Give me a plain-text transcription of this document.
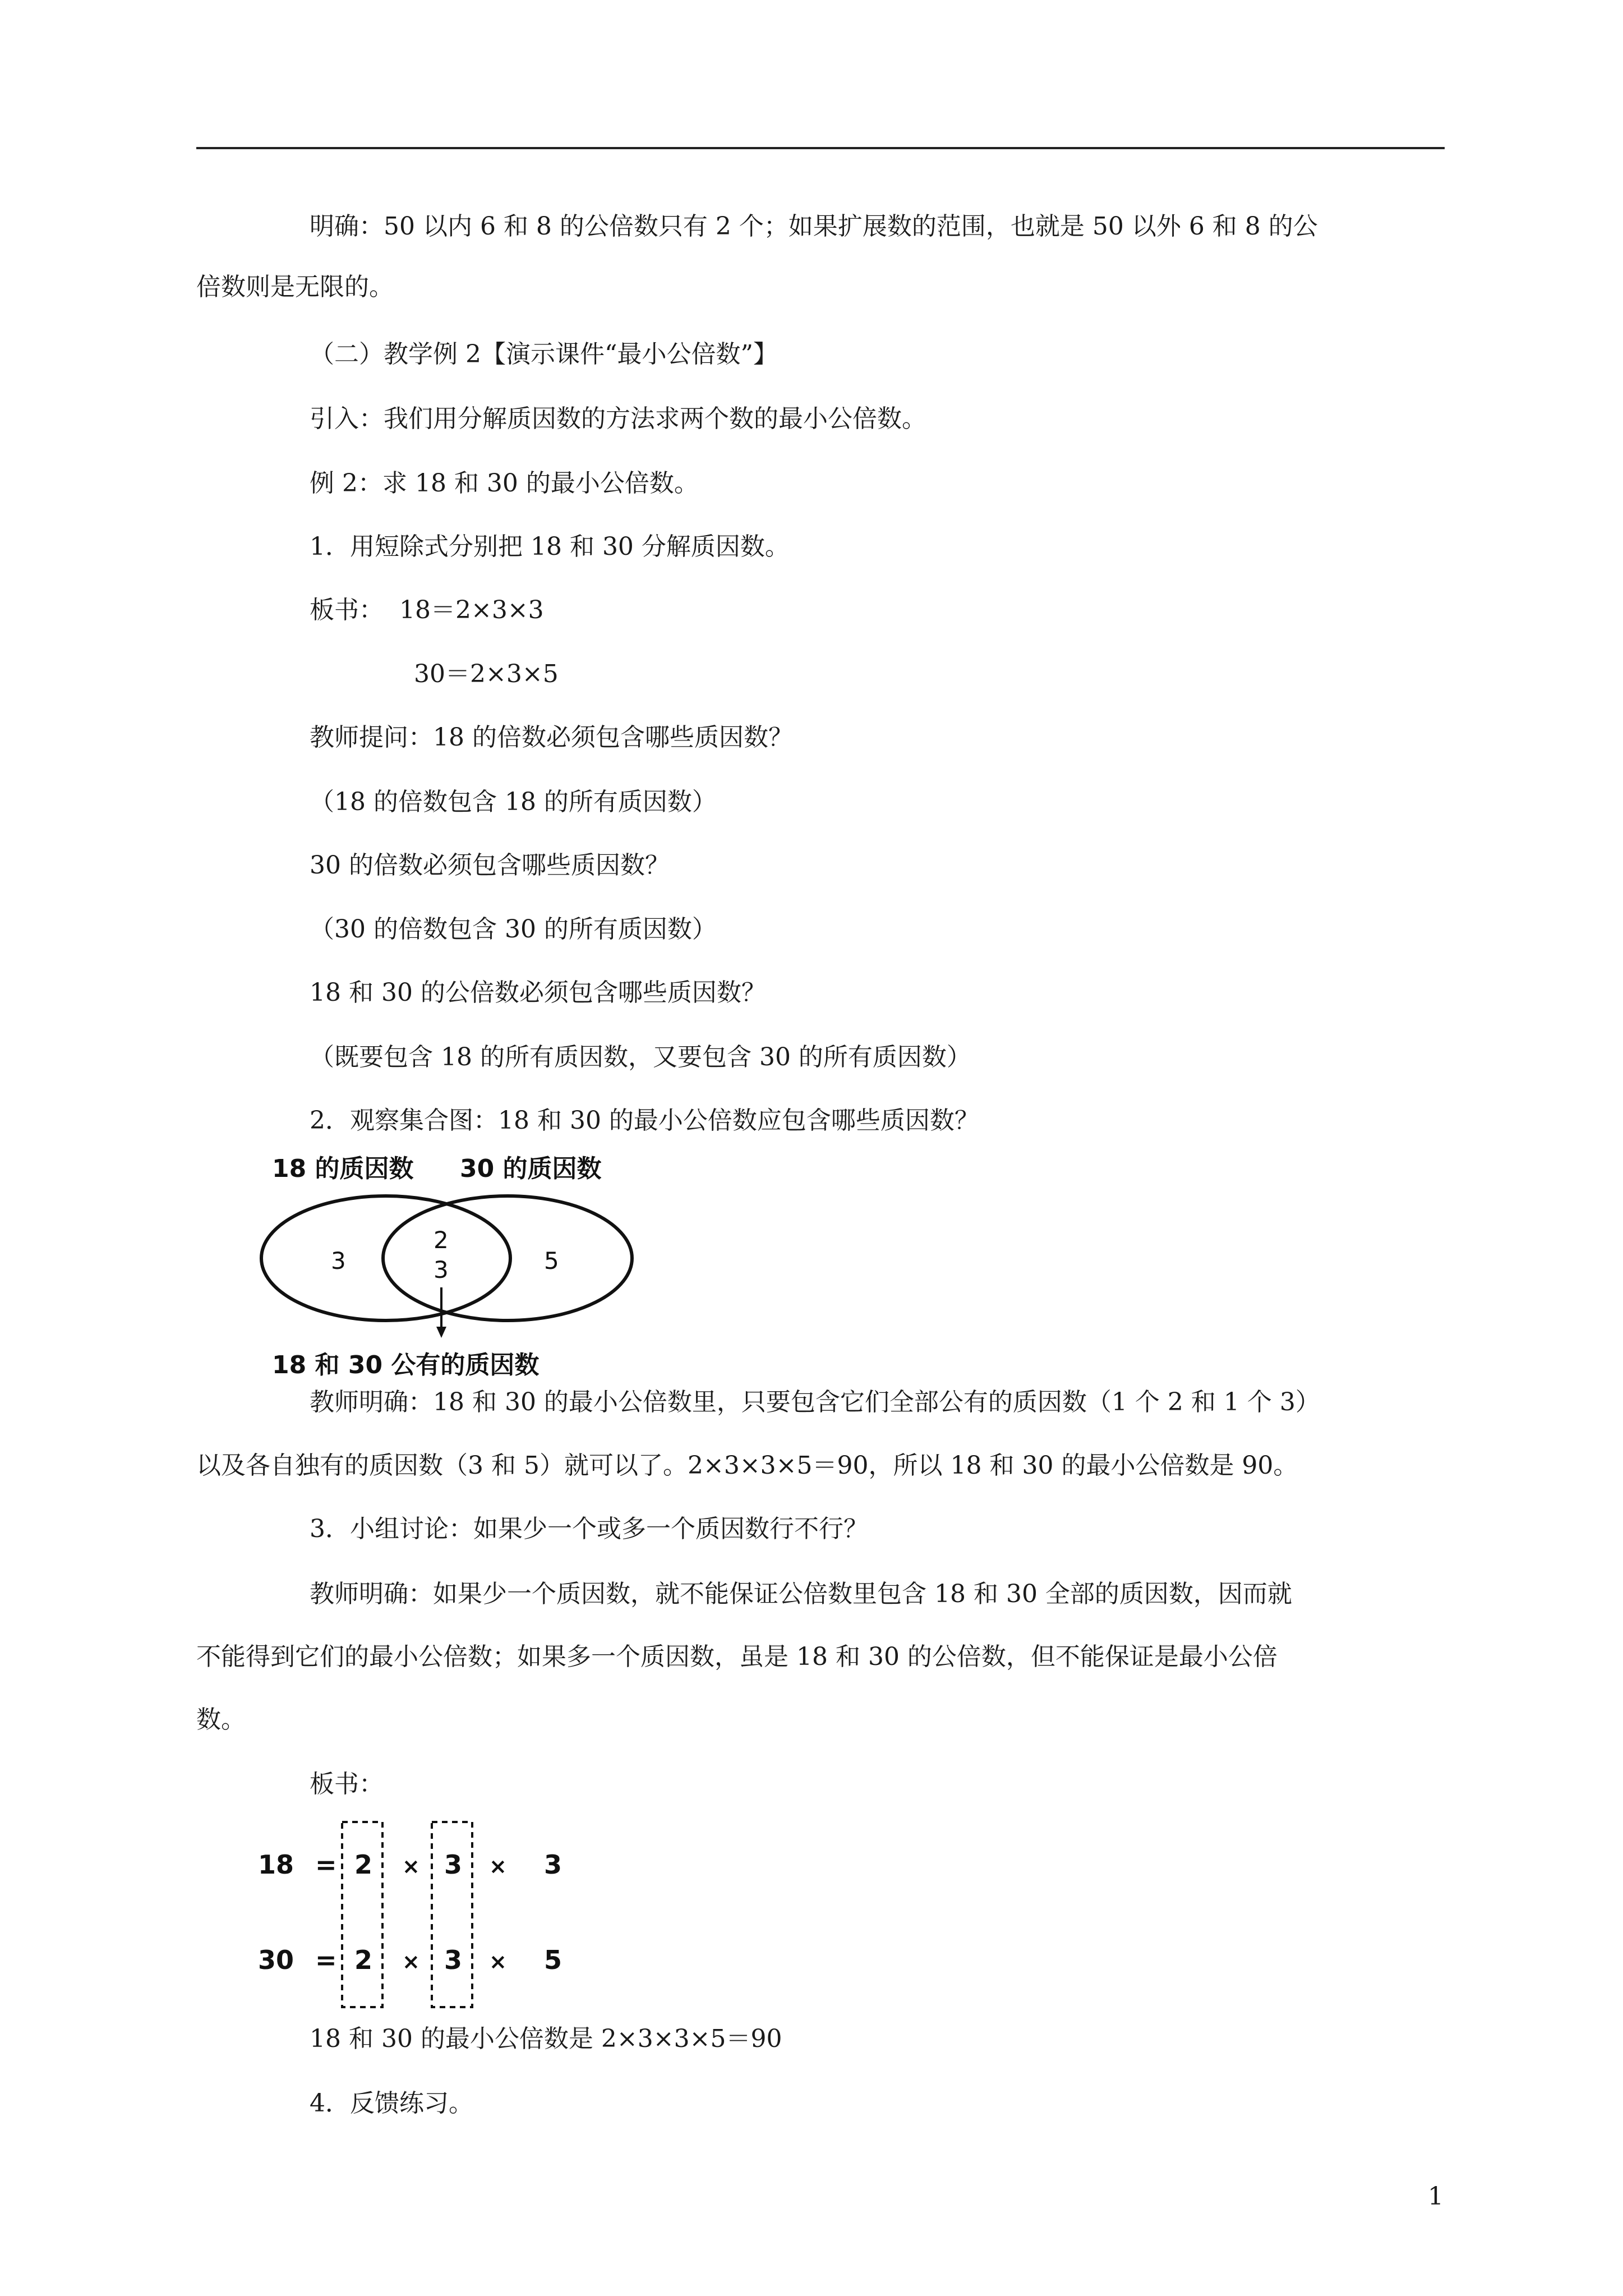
明确：50 以内 6 和 8 的公倍数只有 2 个；如果扩展数的范围，也就是 50 以外 6 和 8 的公
倍数则是无限的。
（二）教学例 2【演示课件“最小公倍数”】
引入：我们用分解质因数的方法求两个数的最小公倍数。
例 2：求 18 和 30 的最小公倍数。
1．用短除式分别把 18 和 30 分解质因数。
板书：  18＝2×3×3
30＝2×3×5
教师提问：18 的倍数必须包含哪些质因数？
（18 的倍数包含 18 的所有质因数）
30 的倍数必须包含哪些质因数？
（30 的倍数包含 30 的所有质因数）
18 和 30 的公倍数必须包含哪些质因数？
（既要包含 18 的所有质因数，又要包含 30 的所有质因数）
2．观察集合图：18 和 30 的最小公倍数应包含哪些质因数？
18 的质因数 30 的质因数
3
2
3	5
18 和 30 公有的质因数
教师明确：18 和 30 的最小公倍数里，只要包含它们全部公有的质因数（1 个 2 和 1 个 3）
以及各自独有的质因数（3 和 5）就可以了。2×3×3×5＝90，所以 18 和 30 的最小公倍数是 90。
3．小组讨论：如果少一个或多一个质因数行不行？
教师明确：如果少一个质因数，就不能保证公倍数里包含 18 和 30 全部的质因数，因而就
不能得到它们的最小公倍数；如果多一个质因数，虽是 18 和 30 的公倍数，但不能保证是最小公倍
数。
板书：
18 = 2 × 3 × 3
30 = 2 × 3 × 5
18 和 30 的最小公倍数是 2×3×3×5＝90
4．反馈练习。
1
